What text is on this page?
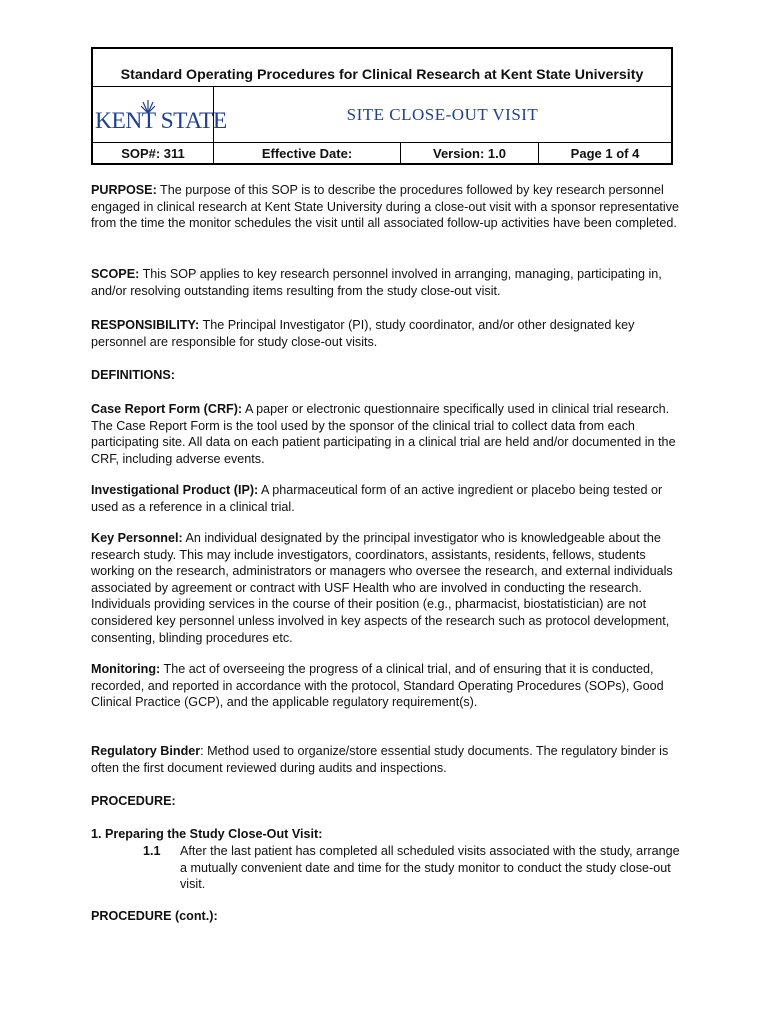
Standard Operating Procedures for Clinical Research at Kent State University
KENT STATE	SITE CLOSE-OUT VISIT
SOP#: 311	Effective Date:	Version: 1.0	Page 1 of 4

PURPOSE: The purpose of this SOP is to describe the procedures followed by key research personnel engaged in clinical research at Kent State University during a close-out visit with a sponsor representative from the time the monitor schedules the visit until all associated follow-up activities have been completed.

SCOPE: This SOP applies to key research personnel involved in arranging, managing, participating in, and/or resolving outstanding items resulting from the study close-out visit.

RESPONSIBILITY: The Principal Investigator (PI), study coordinator, and/or other designated key personnel are responsible for study close-out visits.

DEFINITIONS:

Case Report Form (CRF): A paper or electronic questionnaire specifically used in clinical trial research. The Case Report Form is the tool used by the sponsor of the clinical trial to collect data from each participating site. All data on each patient participating in a clinical trial are held and/or documented in the CRF, including adverse events.

Investigational Product (IP): A pharmaceutical form of an active ingredient or placebo being tested or used as a reference in a clinical trial.

Key Personnel: An individual designated by the principal investigator who is knowledgeable about the research study. This may include investigators, coordinators, assistants, residents, fellows, students working on the research, administrators or managers who oversee the research, and external individuals associated by agreement or contract with USF Health who are involved in conducting the research. Individuals providing services in the course of their position (e.g., pharmacist, biostatistician) are not considered key personnel unless involved in key aspects of the research such as protocol development, consenting, blinding procedures etc.

Monitoring: The act of overseeing the progress of a clinical trial, and of ensuring that it is conducted, recorded, and reported in accordance with the protocol, Standard Operating Procedures (SOPs), Good Clinical Practice (GCP), and the applicable regulatory requirement(s).

Regulatory Binder: Method used to organize/store essential study documents. The regulatory binder is often the first document reviewed during audits and inspections.

PROCEDURE:

1. Preparing the Study Close-Out Visit:

1.1 After the last patient has completed all scheduled visits associated with the study, arrange a mutually convenient date and time for the study monitor to conduct the study close-out visit.

PROCEDURE (cont.):
